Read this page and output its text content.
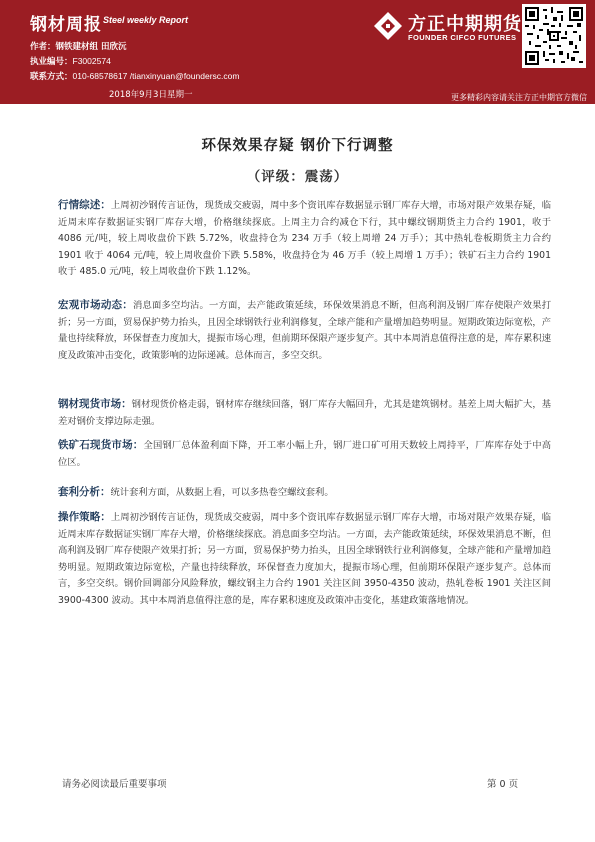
钢材周报 Steel weekly Report
作者：钢铁建材组 田欣沅
执业编号：F3002574
联系方式：010-68578617 /tianxinyuan@foundersc.com
2018年9月3日星期一
方正中期期货
FOUNDER CIFCO FUTURES
更多精彩内容请关注方正中期官方微信
环保效果存疑 钢价下行调整
（评级：震荡）
行情综述：上周初沙钢传言证伪，现货成交疲弱，周中多个资讯库存数据显示钢厂库存大增，市场对限产效果存疑，临近周末库存数据证实钢厂库存大增，价格继续探底。上周主力合约减仓下行，其中螺纹钢期货主力合约 1901，收于 4086 元/吨，较上周收盘价下跌 5.72%，收盘持仓为 234 万手（较上周增 24 万手）；其中热轧卷板期货主力合约 1901 收于 4064 元/吨，较上周收盘价下跌 5.58%，收盘持仓为 46 万手（较上周增 1 万手）；铁矿石主力合约 1901 收于 485.0 元/吨，较上周收盘价下跌 1.12%。
宏观市场动态：消息面多空均沾。一方面，去产能政策延续，环保效果消息不断，但高利润及钢厂库存使限产效果打折；另一方面，贸易保护势力抬头，且因全球钢铁行业利润修复，全球产能和产量增加趋势明显。短期政策边际宽松，产量也持续释放，环保督查力度加大，提振市场心理，但前期环保限产逐步复产。其中本周消息值得注意的是，库存累积速度及政策冲击变化，政策影响的边际递减。总体而言，多空交织。
钢材现货市场：钢材现货价格走弱，钢材库存继续回落，钢厂库存大幅回升，尤其是建筑钢材。基差上周大幅扩大，基差对钢价支撑边际走强。
铁矿石现货市场：全国钢厂总体盈利面下降，开工率小幅上升，钢厂进口矿可用天数较上周持平，厂库库存处于中高位区。
套利分析：统计套利方面，从数据上看，可以多热卷空螺纹套利。
操作策略：上周初沙钢传言证伪，现货成交疲弱，周中多个资讯库存数据显示钢厂库存大增，市场对限产效果存疑，临近周末库存数据证实钢厂库存大增，价格继续探底。消息面多空均沾。一方面，去产能政策延续，环保效果消息不断，但高利润及钢厂库存使限产效果打折；另一方面，贸易保护势力抬头，且因全球钢铁行业利润修复，全球产能和产量增加趋势明显。短期政策边际宽松，产量也持续释放，环保督查力度加大，提振市场心理，但前期环保限产逐步复产。总体而言，多空交织。钢价回调部分风险释放，螺纹钢主力合约 1901 关注区间 3950-4350 波动，热轧卷板 1901 关注区间 3900-4300 波动。其中本周消息值得注意的是，库存累积速度及政策冲击变化，基建政策落地情况。
请务必阅读最后重要事项	第 0 页
